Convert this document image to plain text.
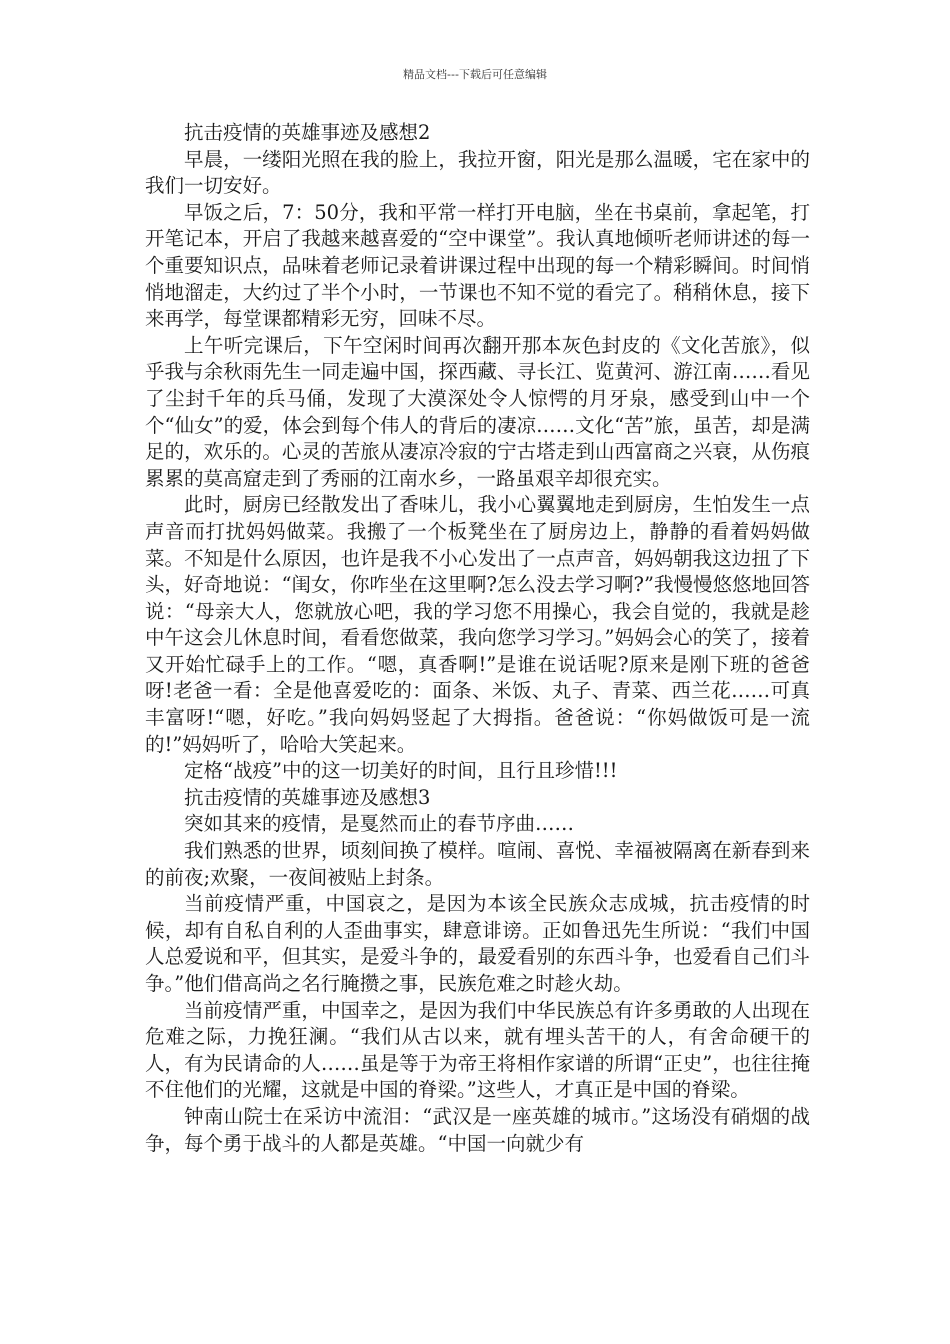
精品文档---下载后可任意编辑

抗击疫情的英雄事迹及感想2

早晨，一缕阳光照在我的脸上，我拉开窗，阳光是那么温暖，宅在家中的我们一切安好。

早饭之后，7：50分，我和平常一样打开电脑，坐在书桌前，拿起笔，打开笔记本，开启了我越来越喜爱的“空中课堂”。我认真地倾听老师讲述的每一个重要知识点，品味着老师记录着讲课过程中出现的每一个精彩瞬间。时间悄悄地溜走，大约过了半个小时，一节课也不知不觉的看完了。稍稍休息，接下来再学，每堂课都精彩无穷，回味不尽。

上午听完课后，下午空闲时间再次翻开那本灰色封皮的《文化苦旅》，似乎我与余秋雨先生一同走遍中国，探西藏、寻长江、览黄河、游江南……看见了尘封千年的兵马俑，发现了大漠深处令人惊愕的月牙泉，感受到山中一个个“仙女”的爱，体会到每个伟人的背后的凄凉……文化“苦”旅，虽苦，却是满足的，欢乐的。心灵的苦旅从凄凉冷寂的宁古塔走到山西富商之兴衰，从伤痕累累的莫高窟走到了秀丽的江南水乡，一路虽艰辛却很充实。

此时，厨房已经散发出了香味儿，我小心翼翼地走到厨房，生怕发生一点声音而打扰妈妈做菜。我搬了一个板凳坐在了厨房边上，静静的看着妈妈做菜。不知是什么原因，也许是我不小心发出了一点声音，妈妈朝我这边扭了下头，好奇地说：“闺女，你咋坐在这里啊?怎么没去学习啊?”我慢慢悠悠地回答说：“母亲大人，您就放心吧，我的学习您不用操心，我会自觉的，我就是趁中午这会儿休息时间，看看您做菜，我向您学习学习。”妈妈会心的笑了，接着又开始忙碌手上的工作。“嗯，真香啊!”是谁在说话呢?原来是刚下班的爸爸呀!老爸一看：全是他喜爱吃的：面条、米饭、丸子、青菜、西兰花……可真丰富呀!“嗯，好吃。”我向妈妈竖起了大拇指。爸爸说：“你妈做饭可是一流的!”妈妈听了，哈哈大笑起来。

定格“战疫”中的这一切美好的时间，且行且珍惜!!!

抗击疫情的英雄事迹及感想3

突如其来的疫情，是戛然而止的春节序曲……

我们熟悉的世界，顷刻间换了模样。喧闹、喜悦、幸福被隔离在新春到来的前夜;欢聚，一夜间被贴上封条。

当前疫情严重，中国哀之，是因为本该全民族众志成城，抗击疫情的时候，却有自私自利的人歪曲事实，肆意诽谤。正如鲁迅先生所说：“我们中国人总爱说和平，但其实，是爱斗争的，最爱看别的东西斗争，也爱看自己们斗争。”他们借高尚之名行腌攒之事，民族危难之时趁火劫。

当前疫情严重，中国幸之，是因为我们中华民族总有许多勇敢的人出现在危难之际，力挽狂澜。“我们从古以来，就有埋头苦干的人，有舍命硬干的人，有为民请命的人……虽是等于为帝王将相作家谱的所谓“正史”，也往往掩不住他们的光耀，这就是中国的脊梁。”这些人，才真正是中国的脊梁。

钟南山院士在采访中流泪：“武汉是一座英雄的城市。”这场没有硝烟的战争，每个勇于战斗的人都是英雄。“中国一向就少有
